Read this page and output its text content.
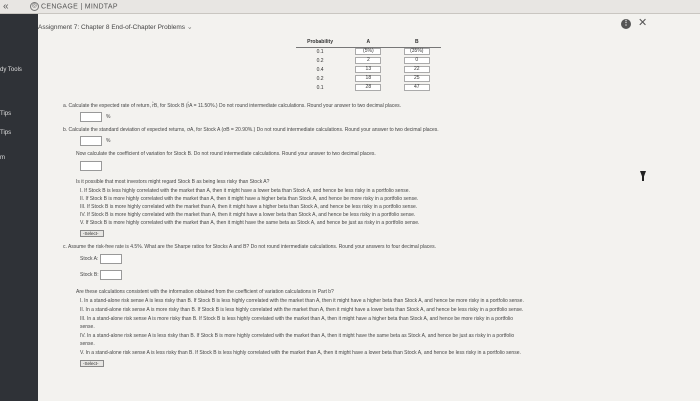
«	◎ CENGAGE | MINDTAP
dy Tools
Tips
Tips
m
Assignment 7: Chapter 8 End-of-Chapter Problems›
⋮ ✕
Probability	A	B
0.1	(5%)	(35%)
0.2	2	0
0.4	13	22
0.2	18	25
0.1	28	47
a. Calculate the expected rate of return, r̂B, for Stock B (r̂A = 11.50%.) Do not round intermediate calculations. Round your answer to two decimal places.
%
b. Calculate the standard deviation of expected returns, σA, for Stock A (σB = 20.90%.) Do not round intermediate calculations. Round your answer to two decimal places.
%
Now calculate the coefficient of variation for Stock B. Do not round intermediate calculations. Round your answer to two decimal places.
Is it possible that most investors might regard Stock B as being less risky than Stock A?
I. If Stock B is less highly correlated with the market than A, then it might have a lower beta than Stock A, and hence be less risky in a portfolio sense.
II. If Stock B is more highly correlated with the market than A, then it might have a higher beta than Stock A, and hence be more risky in a portfolio sense.
III. If Stock B is more highly correlated with the market than A, then it might have a higher beta than Stock A, and hence be less risky in a portfolio sense.
IV. If Stock B is more highly correlated with the market than A, then it might have a lower beta than Stock A, and hence be less risky in a portfolio sense.
V. If Stock B is more highly correlated with the market than A, then it might have the same beta as Stock A, and hence be just as risky in a portfolio sense.
-Select-
c. Assume the risk-free rate is 4.5%. What are the Sharpe ratios for Stocks A and B? Do not round intermediate calculations. Round your answers to four decimal places.
Stock A:
Stock B:
Are these calculations consistent with the information obtained from the coefficient of variation calculations in Part b?
I. In a stand-alone risk sense A is less risky than B. If Stock B is less highly correlated with the market than A, then it might have a higher beta than Stock A, and hence be more risky in a portfolio sense.
II. In a stand-alone risk sense A is more risky than B. If Stock B is less highly correlated with the market than A, then it might have a lower beta than Stock A, and hence be less risky in a portfolio sense.
III. In a stand-alone risk sense A is more risky than B. If Stock B is less highly correlated with the market than A, then it might have a higher beta than Stock A, and hence be more risky in a portfolio
sense.
IV. In a stand-alone risk sense A is less risky than B. If Stock B is more highly correlated with the market than A, then it might have the same beta as Stock A, and hence be just as risky in a portfolio
sense.
V. In a stand-alone risk sense A is less risky than B. If Stock B is less highly correlated with the market than A, then it might have a lower beta than Stock A, and hence be less risky in a portfolio sense.
-Select-
